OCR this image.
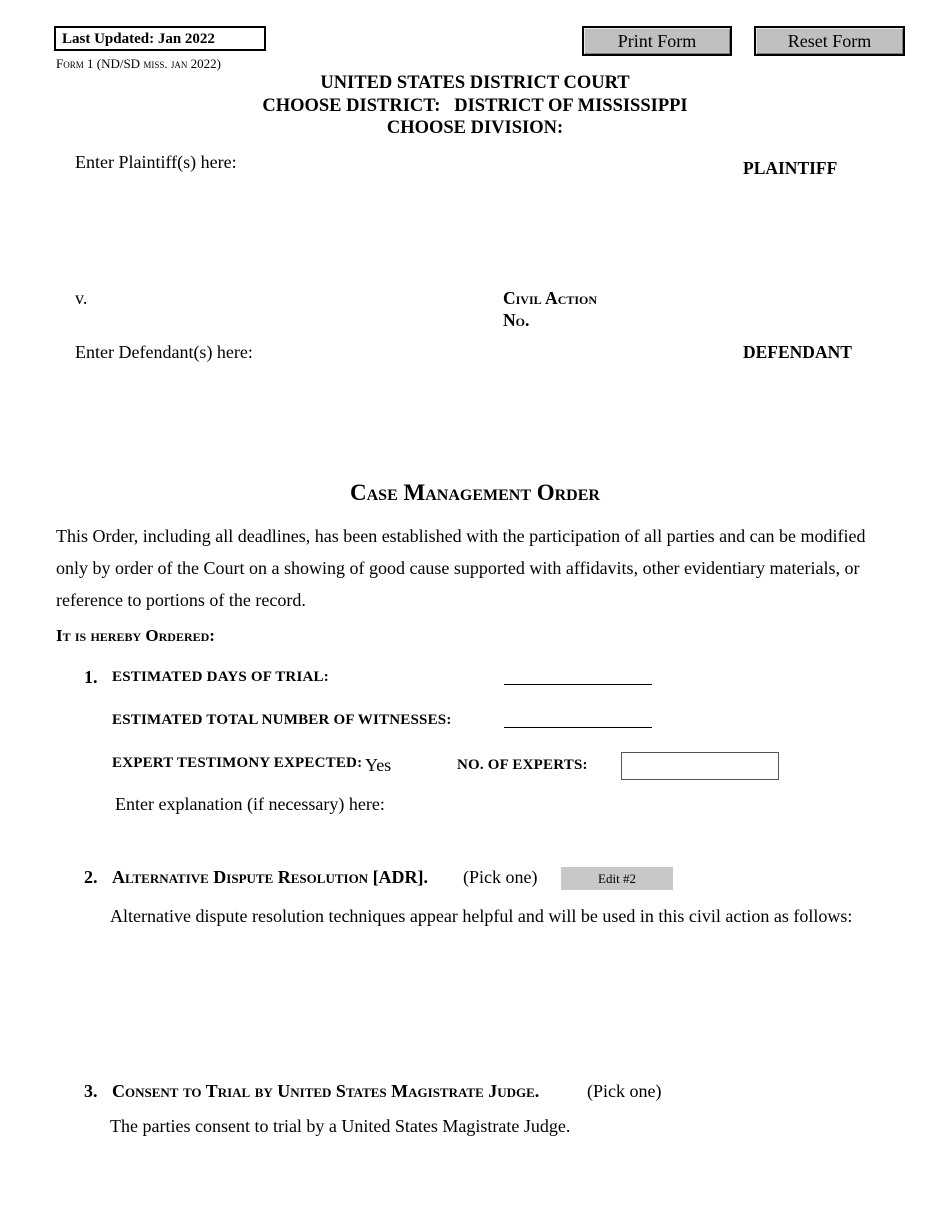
Last Updated: Jan 2022
Form 1 (ND/SD miss. jan 2022)
Print Form	Reset Form
UNITED STATES DISTRICT COURT
CHOOSE DISTRICT:   DISTRICT OF MISSISSIPPI
CHOOSE DIVISION:
Enter Plaintiff(s) here:	PLAINTIFF
v.	Civil Action
No.
Enter Defendant(s) here:	DEFENDANT
Case Management Order
This Order, including all deadlines, has been established with the participation of all parties and can be modified only by order of the Court on a showing of good cause supported with affidavits, other evidentiary materials, or reference to portions of the record.
It is hereby Ordered:
1. ESTIMATED DAYS OF TRIAL:
ESTIMATED TOTAL NUMBER OF WITNESSES:
EXPERT TESTIMONY EXPECTED: Yes	NO. OF EXPERTS:
Enter explanation (if necessary) here:
2. Alternative Dispute Resolution [ADR]. (Pick one)	Edit #2
Alternative dispute resolution techniques appear helpful and will be used in this civil action as follows:
3. Consent to Trial by United States Magistrate Judge.	(Pick one)
The parties consent to trial by a United States Magistrate Judge.
